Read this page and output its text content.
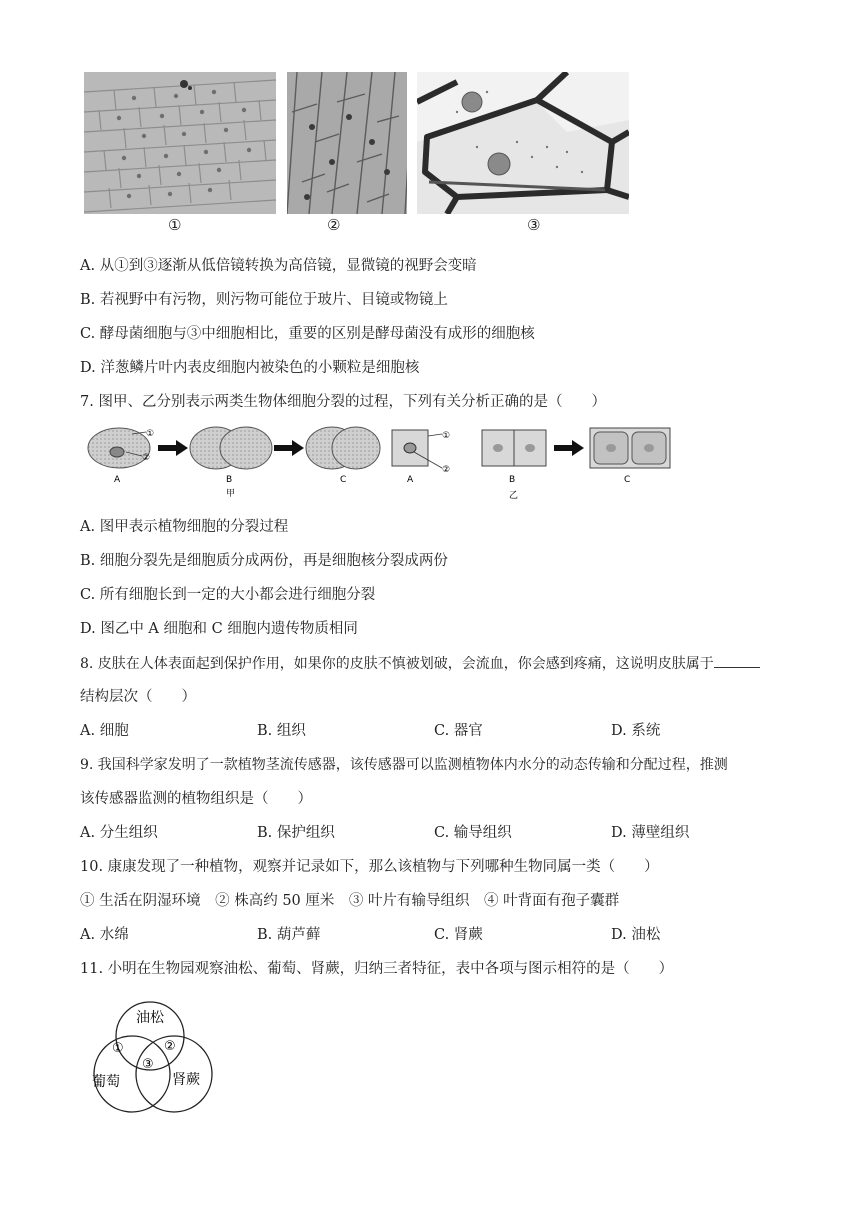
①	②	③
A. 从①到③逐渐从低倍镜转换为高倍镜，显微镜的视野会变暗
B. 若视野中有污物，则污物可能位于玻片、目镜或物镜上
C. 酵母菌细胞与③中细胞相比，重要的区别是酵母菌没有成形的细胞核
D. 洋葱鳞片叶内表皮细胞内被染色的小颗粒是细胞核
7. 图甲、乙分别表示两类生物体细胞分裂的过程，下列有关分析正确的是（　　）
①
②
A	B	C
甲
①
②
A	B	C
乙
A. 图甲表示植物细胞的分裂过程
B. 细胞分裂先是细胞质分成两份，再是细胞核分裂成两份
C. 所有细胞长到一定的大小都会进行细胞分裂
D. 图乙中 A 细胞和 C 细胞内遗传物质相同
8. 皮肤在人体表面起到保护作用，如果你的皮肤不慎被划破，会流血，你会感到疼痛，这说明皮肤属于
结构层次（　　）
A. 细胞	B. 组织	C. 器官	D. 系统
9. 我国科学家发明了一款植物茎流传感器，该传感器可以监测植物体内水分的动态传输和分配过程，推测
该传感器监测的植物组织是（　　）
A. 分生组织	B. 保护组织	C. 输导组织	D. 薄壁组织
10. 康康发现了一种植物，观察并记录如下，那么该植物与下列哪种生物同属一类（　　）
① 生活在阴湿环境　② 株高约 50 厘米　③ 叶片有输导组织　④ 叶背面有孢子囊群
A. 水绵	B. 葫芦藓	C. 肾蕨	D. 油松
11. 小明在生物园观察油松、葡萄、肾蕨，归纳三者特征，表中各项与图示相符的是（　　）
油松
葡萄	肾蕨
①	②
③
